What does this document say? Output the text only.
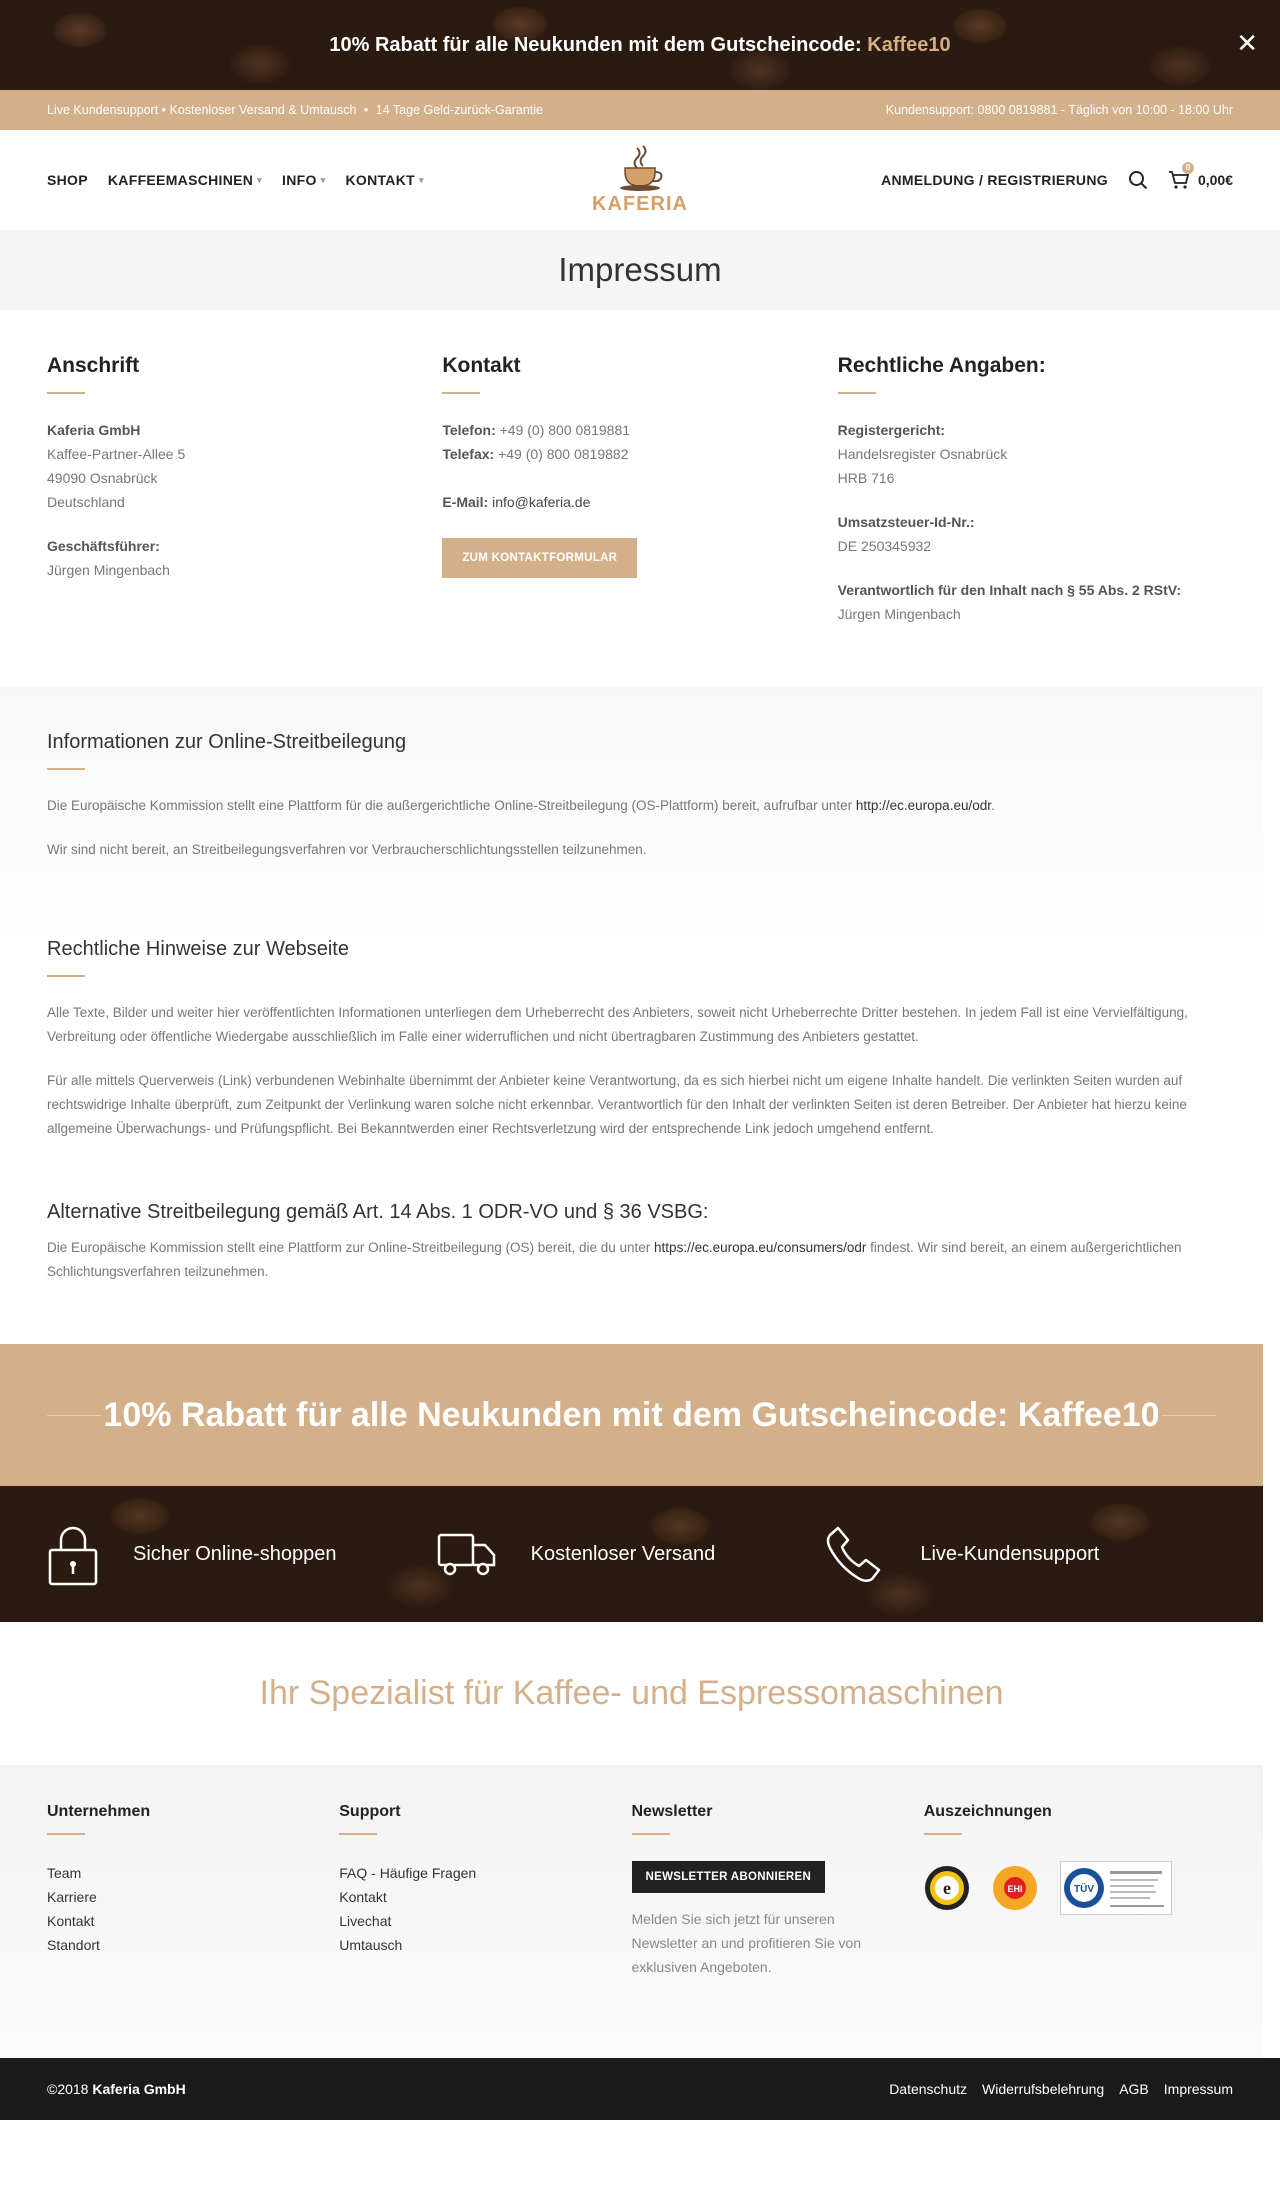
10% Rabatt für alle Neukunden mit dem Gutscheincode: Kaffee10	✕
Live Kundensupport • Kostenloser Versand & Umtausch • 14 Tage Geld-zurück-Garantie	Kundensupport: 0800 0819881 - Täglich von 10:00 - 18:00 Uhr
SHOP KAFFEEMASCHINEN ▾ INFO ▾ KONTAKT ▾
KAFERIA
ANMELDUNG / REGISTRIERUNG
0
0,00€
Impressum
Anschrift

Kaferia GmbH

Kaffee-Partner-Allee 5

49090 Osnabrück

Deutschland

Geschäftsführer:

Jürgen Mingenbach

Kontakt

Telefon: +49 (0) 800 0819881

Telefax: +49 (0) 800 0819882

E-Mail: info@kaferia.de

ZUM KONTAKTFORMULAR
Rechtliche Angaben:

Registergericht:

Handelsregister Osnabrück

HRB 716

Umsatzsteuer-Id-Nr.:

DE 250345932

Verantwortlich für den Inhalt nach § 55 Abs. 2 RStV:

Jürgen Mingenbach

Informationen zur Online-Streitbeilegung

Die Europäische Kommission stellt eine Plattform für die außergerichtliche Online-Streitbeilegung (OS-Plattform) bereit, aufrufbar unter http://ec.europa.eu/odr.

Wir sind nicht bereit, an Streitbeilegungsverfahren vor Verbraucherschlichtungsstellen teilzunehmen.

Rechtliche Hinweise zur Webseite

Alle Texte, Bilder und weiter hier veröffentlichten Informationen unterliegen dem Urheberrecht des Anbieters, soweit nicht Urheberrechte Dritter bestehen. In jedem Fall ist eine Vervielfältigung, Verbreitung oder öffentliche Wiedergabe ausschließlich im Falle einer widerruflichen und nicht übertragbaren Zustimmung des Anbieters gestattet.

Für alle mittels Querverweis (Link) verbundenen Webinhalte übernimmt der Anbieter keine Verantwortung, da es sich hierbei nicht um eigene Inhalte handelt. Die verlinkten Seiten wurden auf rechtswidrige Inhalte überprüft, zum Zeitpunkt der Verlinkung waren solche nicht erkennbar. Verantwortlich für den Inhalt der verlinkten Seiten ist deren Betreiber. Der Anbieter hat hierzu keine allgemeine Überwachungs- und Prüfungspflicht. Bei Bekanntwerden einer Rechtsverletzung wird der entsprechende Link jedoch umgehend entfernt.

Alternative Streitbeilegung gemäß Art. 14 Abs. 1 ODR-VO und § 36 VSBG:

Die Europäische Kommission stellt eine Plattform zur Online-Streitbeilegung (OS) bereit, die du unter https://ec.europa.eu/consumers/odr findest. Wir sind bereit, an einem außergerichtlichen Schlichtungsverfahren teilzunehmen.

10% Rabatt für alle Neukunden mit dem Gutscheincode: Kaffee10
Sicher Online-shoppen	Kostenloser Versand	Live-Kundensupport
Ihr Spezialist für Kaffee- und Espressomaschinen
Unternehmen
Team
Karriere
Kontakt
Standort
Support
FAQ - Häufige Fragen
Kontakt
Livechat
Umtausch
Newsletter
NEWSLETTER ABONNIEREN

Melden Sie sich jetzt für unseren Newsletter an und profitieren Sie von exklusiven Angeboten.

Auszeichnungen
e	EHI	TÜV
©2018 Kaferia GmbH	Datenschutz Widerrufsbelehrung AGB Impressum
